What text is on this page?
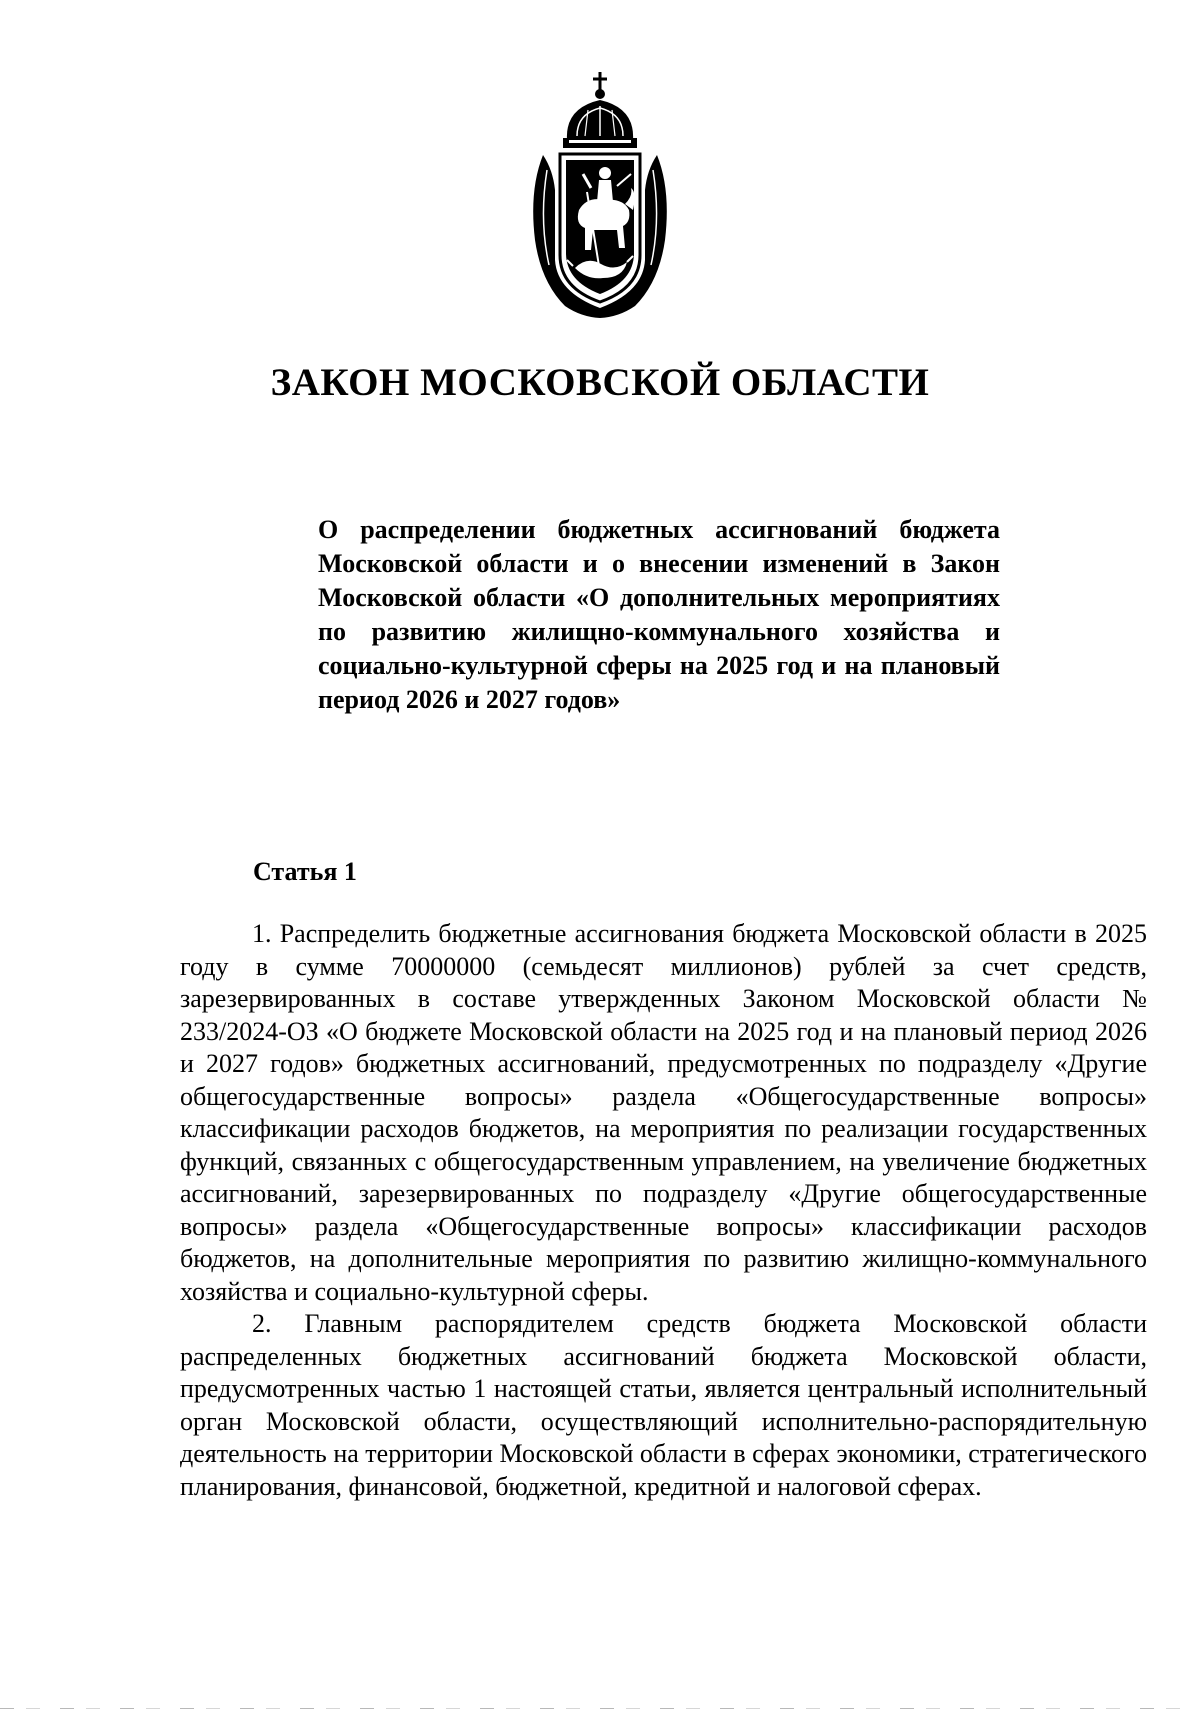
ЗАКОН МОСКОВСКОЙ ОБЛАСТИ

О распределении бюджетных ассигнований бюджета Московской области и о внесении изменений в Закон Московской области «О дополнительных мероприятиях по развитию жилищно-коммунального хозяйства и социально-культурной сферы на 2025 год и на плановый период 2026 и 2027 годов»

Статья 1

1. Распределить бюджетные ассигнования бюджета Московской области в 2025 году в сумме 70000000 (семьдесят миллионов) рублей за счет средств, зарезервированных в составе утвержденных Законом Московской области № 233/2024-ОЗ «О бюджете Московской области на 2025 год и на плановый период 2026 и 2027 годов» бюджетных ассигнований, предусмотренных по подразделу «Другие общегосударственные вопросы» раздела «Общегосударственные вопросы» классификации расходов бюджетов, на мероприятия по реализации государственных функций, связанных с общегосударственным управлением, на увеличение бюджетных ассигнований, зарезервированных по подразделу «Другие общегосударственные вопросы» раздела «Общегосударственные вопросы» классификации расходов бюджетов, на дополнительные мероприятия по развитию жилищно-коммунального хозяйства и социально-культурной сферы.

2. Главным распорядителем средств бюджета Московской области распределенных бюджетных ассигнований бюджета Московской области, предусмотренных частью 1 настоящей статьи, является центральный исполнительный орган Московской области, осуществляющий исполнительно-распорядительную деятельность на территории Московской области в сферах экономики, стратегического планирования, финансовой, бюджетной, кредитной и налоговой сферах.
